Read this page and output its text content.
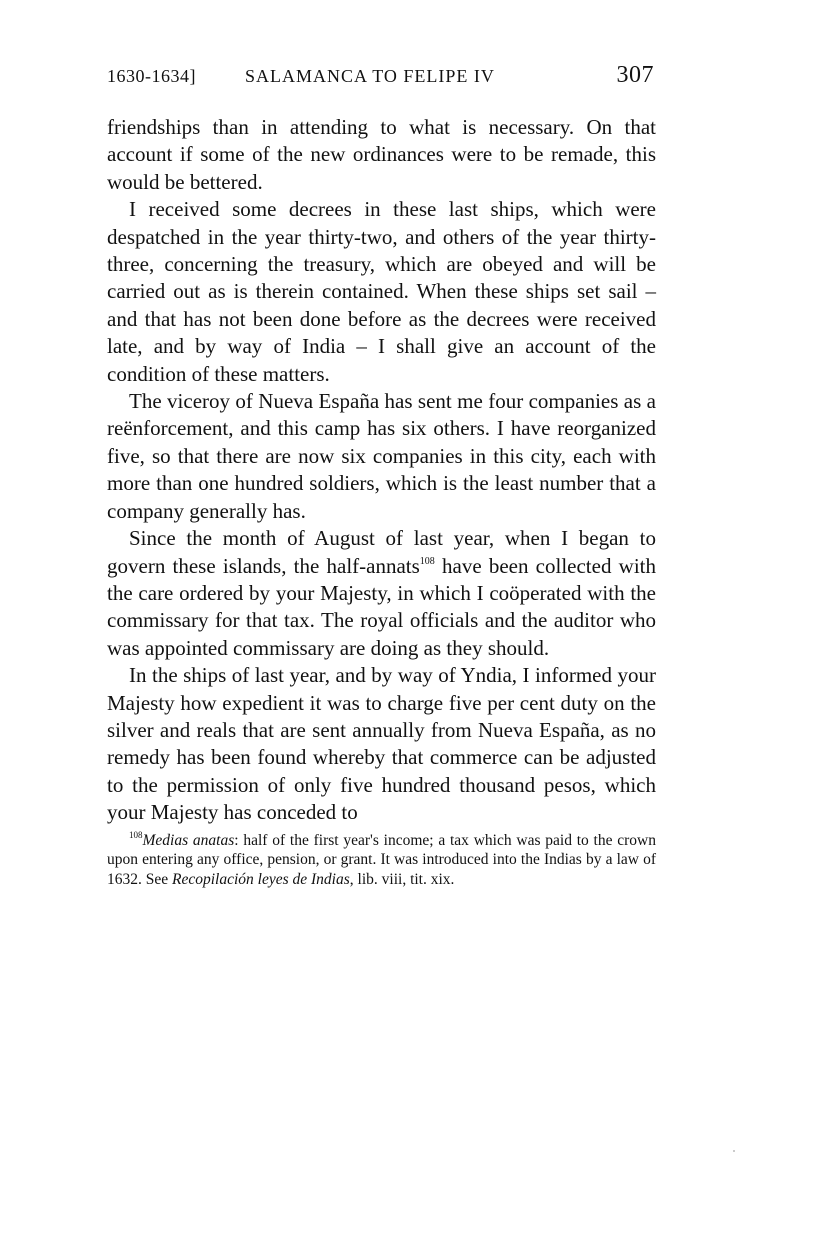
1630-1634]	SALAMANCA TO FELIPE IV	307

friendships than in attending to what is necessary. On that account if some of the new ordinances were to be remade, this would be bettered.

I received some decrees in these last ships, which were despatched in the year thirty-two, and others of the year thirty-three, concerning the treasury, which are obeyed and will be carried out as is therein contained. When these ships set sail – and that has not been done before as the decrees were received late, and by way of India – I shall give an account of the condition of these matters.

The viceroy of Nueva España has sent me four companies as a reënforcement, and this camp has six others. I have reorganized five, so that there are now six companies in this city, each with more than one hundred soldiers, which is the least number that a company generally has.

Since the month of August of last year, when I began to govern these islands, the half-annats$^{108}$ have been collected with the care ordered by your Majesty, in which I coöperated with the commissary for that tax. The royal officials and the auditor who was appointed commissary are doing as they should.

In the ships of last year, and by way of Yndia, I informed your Majesty how expedient it was to charge five per cent duty on the silver and reals that are sent annually from Nueva España, as no remedy has been found whereby that commerce can be adjusted to the permission of only five hundred thousand pesos, which your Majesty has conceded to

$^{108}$Medias anatas: half of the first year's income; a tax which was paid to the crown upon entering any office, pension, or grant. It was introduced into the Indias by a law of 1632. See Recopilación leyes de Indias, lib. viii, tit. xix.
